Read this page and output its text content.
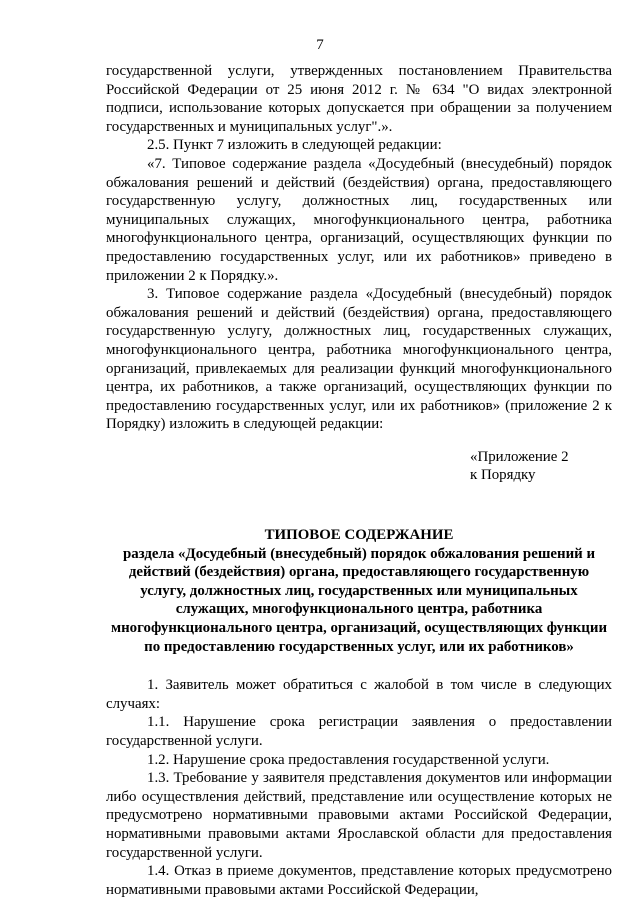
7

государственной услуги, утвержденных постановлением Правительства Российской Федерации от 25 июня 2012 г. № 634 "О видах электронной подписи, использование которых допускается при обращении за получением государственных и муниципальных услуг".».

2.5. Пункт 7 изложить в следующей редакции:

«7. Типовое содержание раздела «Досудебный (внесудебный) порядок обжалования решений и действий (бездействия) органа, предоставляющего государственную услугу, должностных лиц, государственных или муниципальных служащих, многофункционального центра, работника многофункционального центра, организаций, осуществляющих функции по предоставлению государственных услуг, или их работников» приведено в приложении 2 к Порядку.».

3. Типовое содержание раздела «Досудебный (внесудебный) порядок обжалования решений и действий (бездействия) органа, предоставляющего государственную услугу, должностных лиц, государственных служащих, многофункционального центра, работника многофункционального центра, организаций, привлекаемых для реализации функций многофункционального центра, их работников, а также организаций, осуществляющих функции по предоставлению государственных услуг, или их работников» (приложение 2 к Порядку) изложить в следующей редакции:

«Приложение 2

к Порядку

ТИПОВОЕ СОДЕРЖАНИЕ

раздела «Досудебный (внесудебный) порядок обжалования решений и действий (бездействия) органа, предоставляющего государственную услугу, должностных лиц, государственных или муниципальных служащих, многофункционального центра, работника многофункционального центра, организаций, осуществляющих функции по предоставлению государственных услуг, или их работников»

1. Заявитель может обратиться с жалобой в том числе в следующих случаях:

1.1. Нарушение срока регистрации заявления о предоставлении государственной услуги.

1.2. Нарушение срока предоставления государственной услуги.

1.3. Требование у заявителя представления документов или информации либо осуществления действий, представление или осуществление которых не предусмотрено нормативными правовыми актами Российской Федерации, нормативными правовыми актами Ярославской области для предоставления государственной услуги.

1.4. Отказ в приеме документов, представление которых предусмотрено нормативными правовыми актами Российской Федерации,
